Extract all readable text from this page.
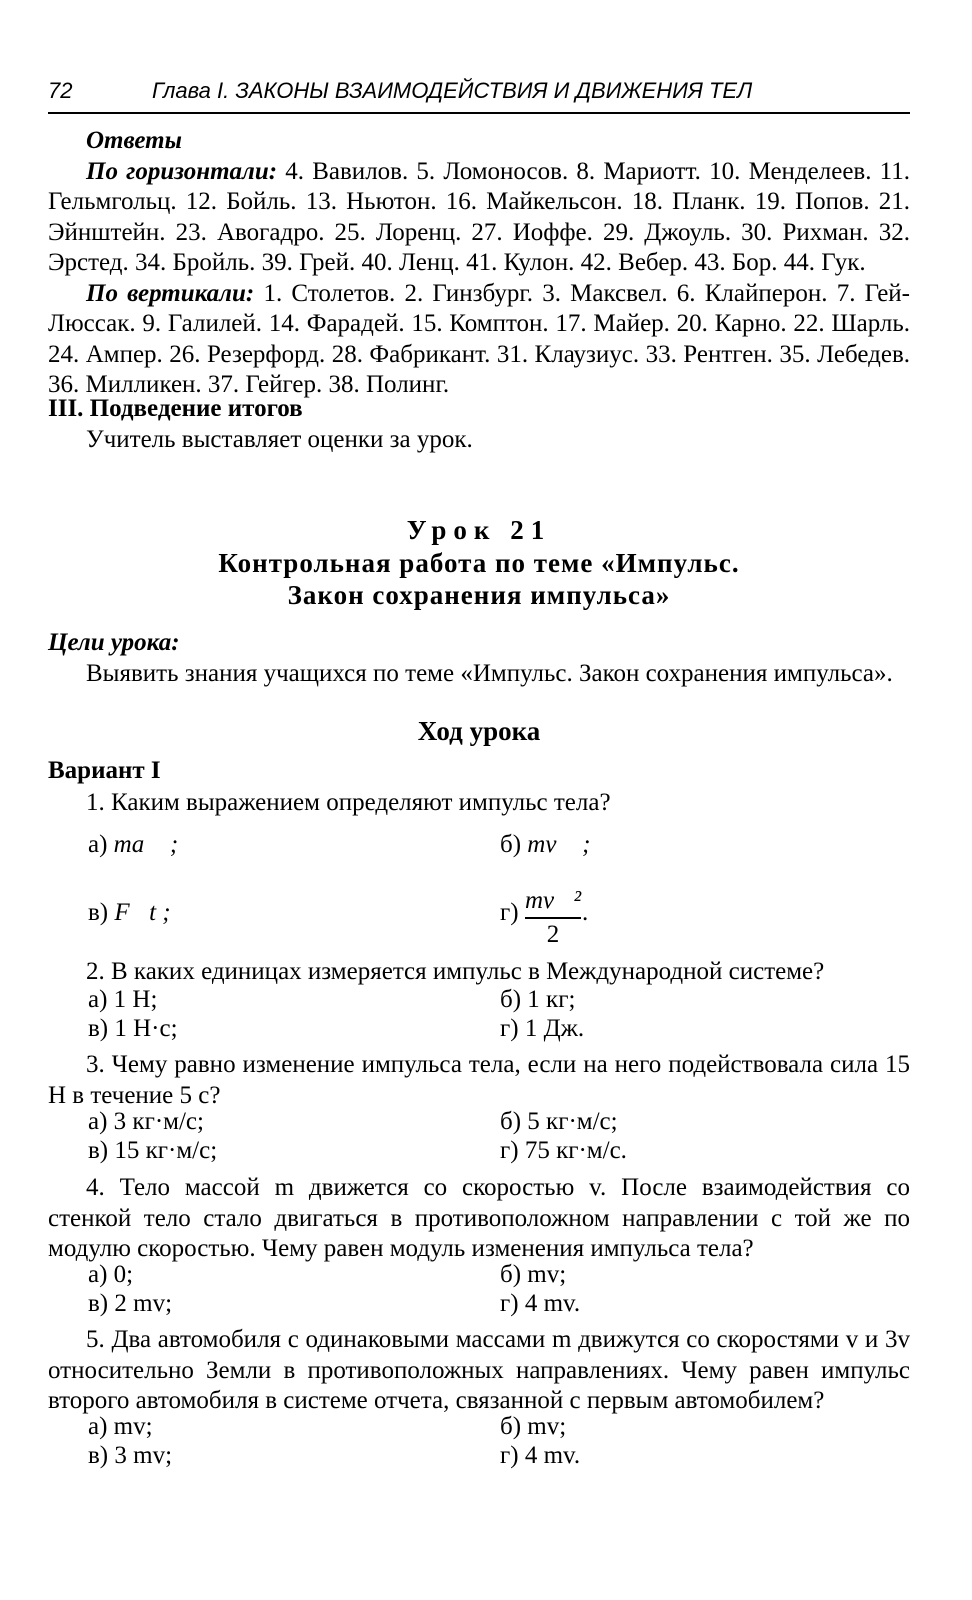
72	Глава I. ЗАКОНЫ ВЗАИМОДЕЙСТВИЯ И ДВИЖЕНИЯ ТЕЛ
Ответы
По горизонтали: 4. Вавилов. 5. Ломоносов. 8. Мариотт. 10. Менделеев. 11. Гельмгольц. 12. Бойль. 13. Ньютон. 16. Майкельсон. 18. Планк. 19. Попов. 21. Эйнштейн. 23. Авогадро. 25. Лоренц. 27. Иоффе. 29. Джоуль. 30. Рихман. 32. Эрстед. 34. Бройль. 39. Грей. 40. Ленц. 41. Кулон. 42. Вебер. 43. Бор. 44. Гук.
По вертикали: 1. Столетов. 2. Гинзбург. 3. Максвел. 6. Клайперон. 7. Гей-Люссак. 9. Галилей. 14. Фарадей. 15. Комптон. 17. Майер. 20. Карно. 22. Шарль. 24. Ампер. 26. Резерфорд. 28. Фабрикант. 31. Клаузиус. 33. Рентген. 35. Лебедев. 36. Милликен. 37. Гейгер. 38. Полинг.
III. Подведение итогов
Учитель выставляет оценки за урок.
Урок 21
Контрольная работа по теме «Импульс.
Закон сохранения импульса»
Цели урока:
Выявить знания учащихся по теме «Импульс. Закон сохранения импульса».
Ход урока
Вариант I
1. Каким выражением определяют импульс тела?
а) ma⃗ ;	б) mv⃗ ;
в) F⃗t ;	г) mv⃗²
2
.
2. В каких единицах измеряется импульс в Международной системе?
а) 1 Н;	б) 1 кг;
в) 1 Н·с;	г) 1 Дж.
3. Чему равно изменение импульса тела, если на него подействовала сила 15 Н в течение 5 с?
а) 3 кг·м/с;	б) 5 кг·м/с;
в) 15 кг·м/с;	г) 75 кг·м/с.
4. Тело массой m движется со скоростью v. После взаимодействия со стенкой тело стало двигаться в противоположном направлении с той же по модулю скоростью. Чему равен модуль изменения импульса тела?
а) 0;	б) mv;
в) 2 mv;	г) 4 mv.
5. Два автомобиля с одинаковыми массами m движутся со скоростями v и 3v относительно Земли в противоположных направлениях. Чему равен импульс второго автомобиля в системе отчета, связанной с первым автомобилем?
а) mv;	б) mv;
в) 3 mv;	г) 4 mv.
